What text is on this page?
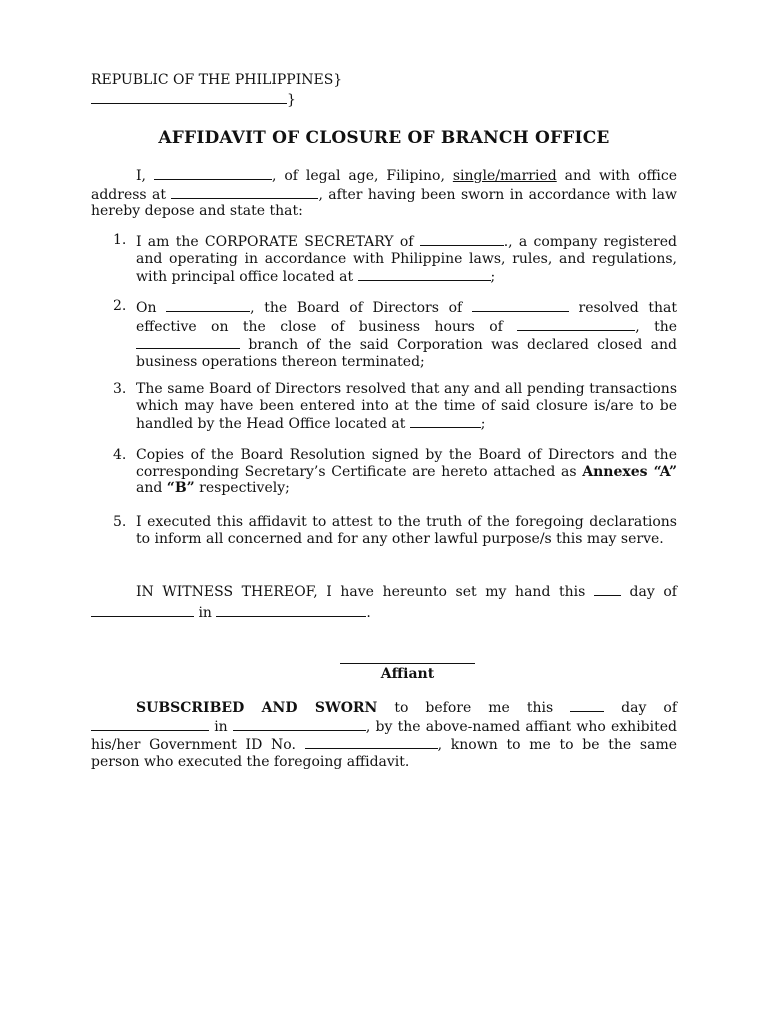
REPUBLIC OF THE PHILIPPINES}
}
AFFIDAVIT OF CLOSURE OF BRANCH OFFICE
I,	, of legal age, Filipino, single/married and with office address at	, after having been sworn in accordance with law hereby depose and state that:
1. I am the CORPORATE SECRETARY of	., a company registered and operating in accordance with Philippine laws, rules, and regulations, with principal office located at	;
2. On	, the Board of Directors of	resolved that effective on the close of business hours of	, the  branch of the said Corporation was declared closed and business operations thereon terminated;
3. The same Board of Directors resolved that any and all pending transactions which may have been entered into at the time of said closure is/are to be handled by the Head Office located at	;
4. Copies of the Board Resolution signed by the Board of Directors and the corresponding Secretary’s Certificate are hereto attached as Annexes “A” and “B” respectively;
5. I executed this affidavit to attest to the truth of the foregoing declarations to inform all concerned and for any other lawful purpose/s this may serve.
IN WITNESS THEREOF, I have hereunto set my hand this  day of
in	.
Affiant
SUBSCRIBED AND SWORN to before me this  day of  in	, by the above-named affiant who exhibited his/her Government ID No.	, known to me to be the same person who executed the foregoing affidavit.
